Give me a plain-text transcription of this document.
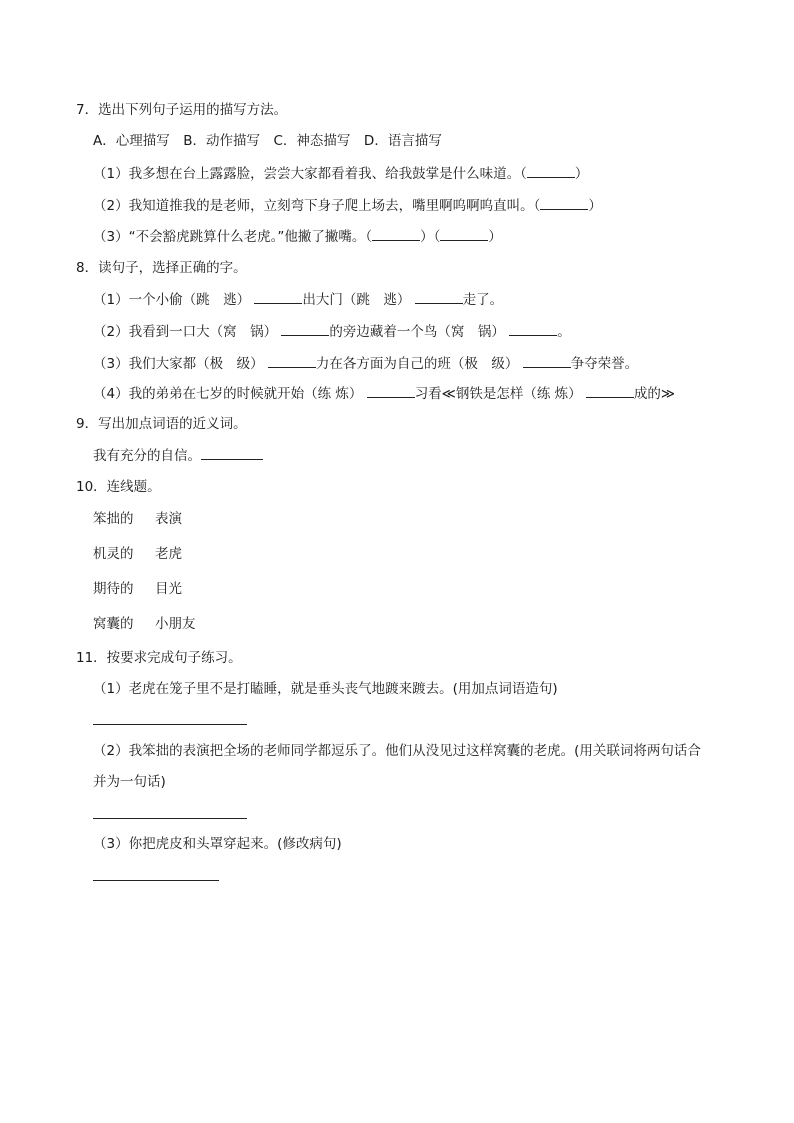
7．选出下列句子运用的描写方法。
A．心理描写　B．动作描写　C．神态描写　D．语言描写
（1）我多想在台上露露脸，尝尝大家都看着我、给我鼓掌是什么味道。（	）
（2）我知道推我的是老师，立刻弯下身子爬上场去，嘴里啊呜啊呜直叫。（	）
（3）“不会豁虎跳算什么老虎。”他撇了撇嘴。（	）（	）
8．读句子，选择正确的字。
（1）一个小偷（跳　逃）	出大门（跳　逃）	走了。
（2）我看到一口大（窝　锅）	的旁边藏着一个鸟（窝　锅）	。
（3）我们大家都（极　级）	力在各方面为自己的班（极　级）	争夺荣誉。
（4）我的弟弟在七岁的时候就开始（练 炼）	习看≪钢铁是怎样（练 炼）	成的≫
9．写出加点词语的近义词。
我有充分的自信。
10．连线题。
笨拙的 表演
机灵的 老虎
期待的 目光
窝囊的 小朋友
11．按要求完成句子练习。
（1）老虎在笼子里不是打瞌睡，就是垂头丧气地踱来踱去。(用加点词语造句)
（2）我笨拙的表演把全场的老师同学都逗乐了。他们从没见过这样窝囊的老虎。(用关联词将两句话合
并为一句话)
（3）你把虎皮和头罩穿起来。(修改病句)
